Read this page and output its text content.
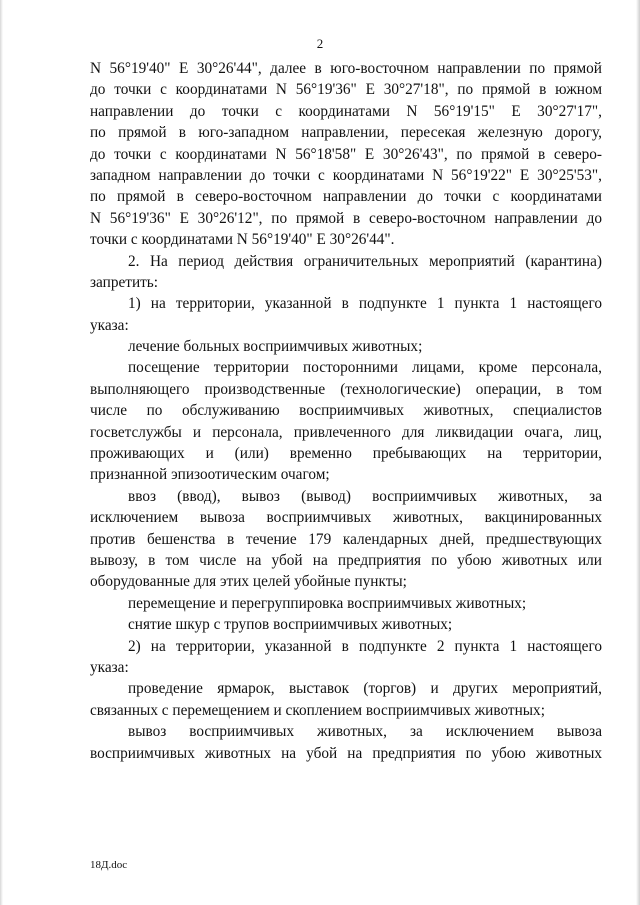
2
N 56°19'40" E 30°26'44", далее в юго-восточном направлении по прямой
до точки с координатами N 56°19'36" E 30°27'18", по прямой в южном
направлении до точки с координатами N 56°19'15" E 30°27'17",
по прямой в юго-западном направлении, пересекая железную дорогу,
до точки с координатами N 56°18'58" E 30°26'43", по прямой в северо-
западном направлении до точки с координатами N 56°19'22" E 30°25'53",
по прямой в северо-восточном направлении до точки с координатами
N 56°19'36" E 30°26'12", по прямой в северо-восточном направлении до
точки с координатами N 56°19'40" E 30°26'44".
2. На период действия ограничительных мероприятий (карантина)
запретить:
1) на территории, указанной в подпункте 1 пункта 1 настоящего
указа:
лечение больных восприимчивых животных;
посещение территории посторонними лицами, кроме персонала,
выполняющего производственные (технологические) операции, в том
числе по обслуживанию восприимчивых животных, специалистов
госветслужбы и персонала, привлеченного для ликвидации очага, лиц,
проживающих и (или) временно пребывающих на территории,
признанной эпизоотическим очагом;
ввоз (ввод), вывоз (вывод) восприимчивых животных, за
исключением вывоза восприимчивых животных, вакцинированных
против бешенства в течение 179 календарных дней, предшествующих
вывозу, в том числе на убой на предприятия по убою животных или
оборудованные для этих целей убойные пункты;
перемещение и перегруппировка восприимчивых животных;
снятие шкур с трупов восприимчивых животных;
2) на территории, указанной в подпункте 2 пункта 1 настоящего
указа:
проведение ярмарок, выставок (торгов) и других мероприятий,
связанных с перемещением и скоплением восприимчивых животных;
вывоз восприимчивых животных, за исключением вывоза
восприимчивых животных на убой на предприятия по убою животных
18Д.doc
